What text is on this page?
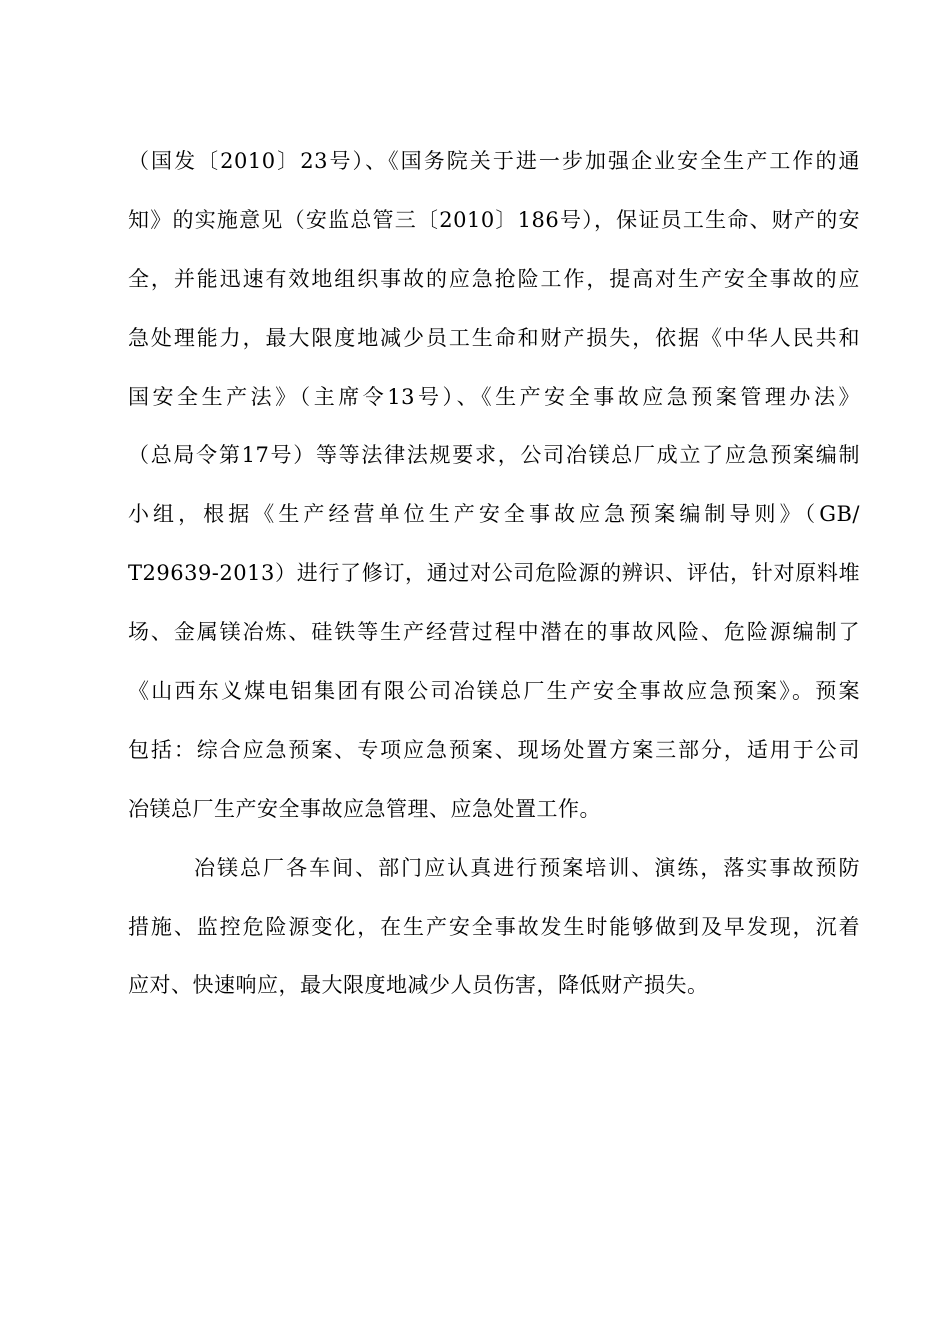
（国发〔2010〕23号）、《国务院关于进一步加强企业安全生产工作的通
知》的实施意见（安监总管三〔2010〕186号），保证员工生命、财产的安
全，并能迅速有效地组织事故的应急抢险工作，提高对生产安全事故的应
急处理能力，最大限度地减少员工生命和财产损失，依据《中华人民共和
国安全生产法》（主席令13号）、《生产安全事故应急预案管理办法》
（总局令第17号）等等法律法规要求，公司冶镁总厂成立了应急预案编制
小组，根据《生产经营单位生产安全事故应急预案编制导则》（GB/
T29639-2013）进行了修订，通过对公司危险源的辨识、评估，针对原料堆
场、金属镁冶炼、硅铁等生产经营过程中潜在的事故风险、危险源编制了
《山西东义煤电铝集团有限公司冶镁总厂生产安全事故应急预案》。预案
包括：综合应急预案、专项应急预案、现场处置方案三部分，适用于公司
冶镁总厂生产安全事故应急管理、应急处置工作。
冶镁总厂各车间、部门应认真进行预案培训、演练，落实事故预防
措施、监控危险源变化，在生产安全事故发生时能够做到及早发现，沉着
应对、快速响应，最大限度地减少人员伤害，降低财产损失。
